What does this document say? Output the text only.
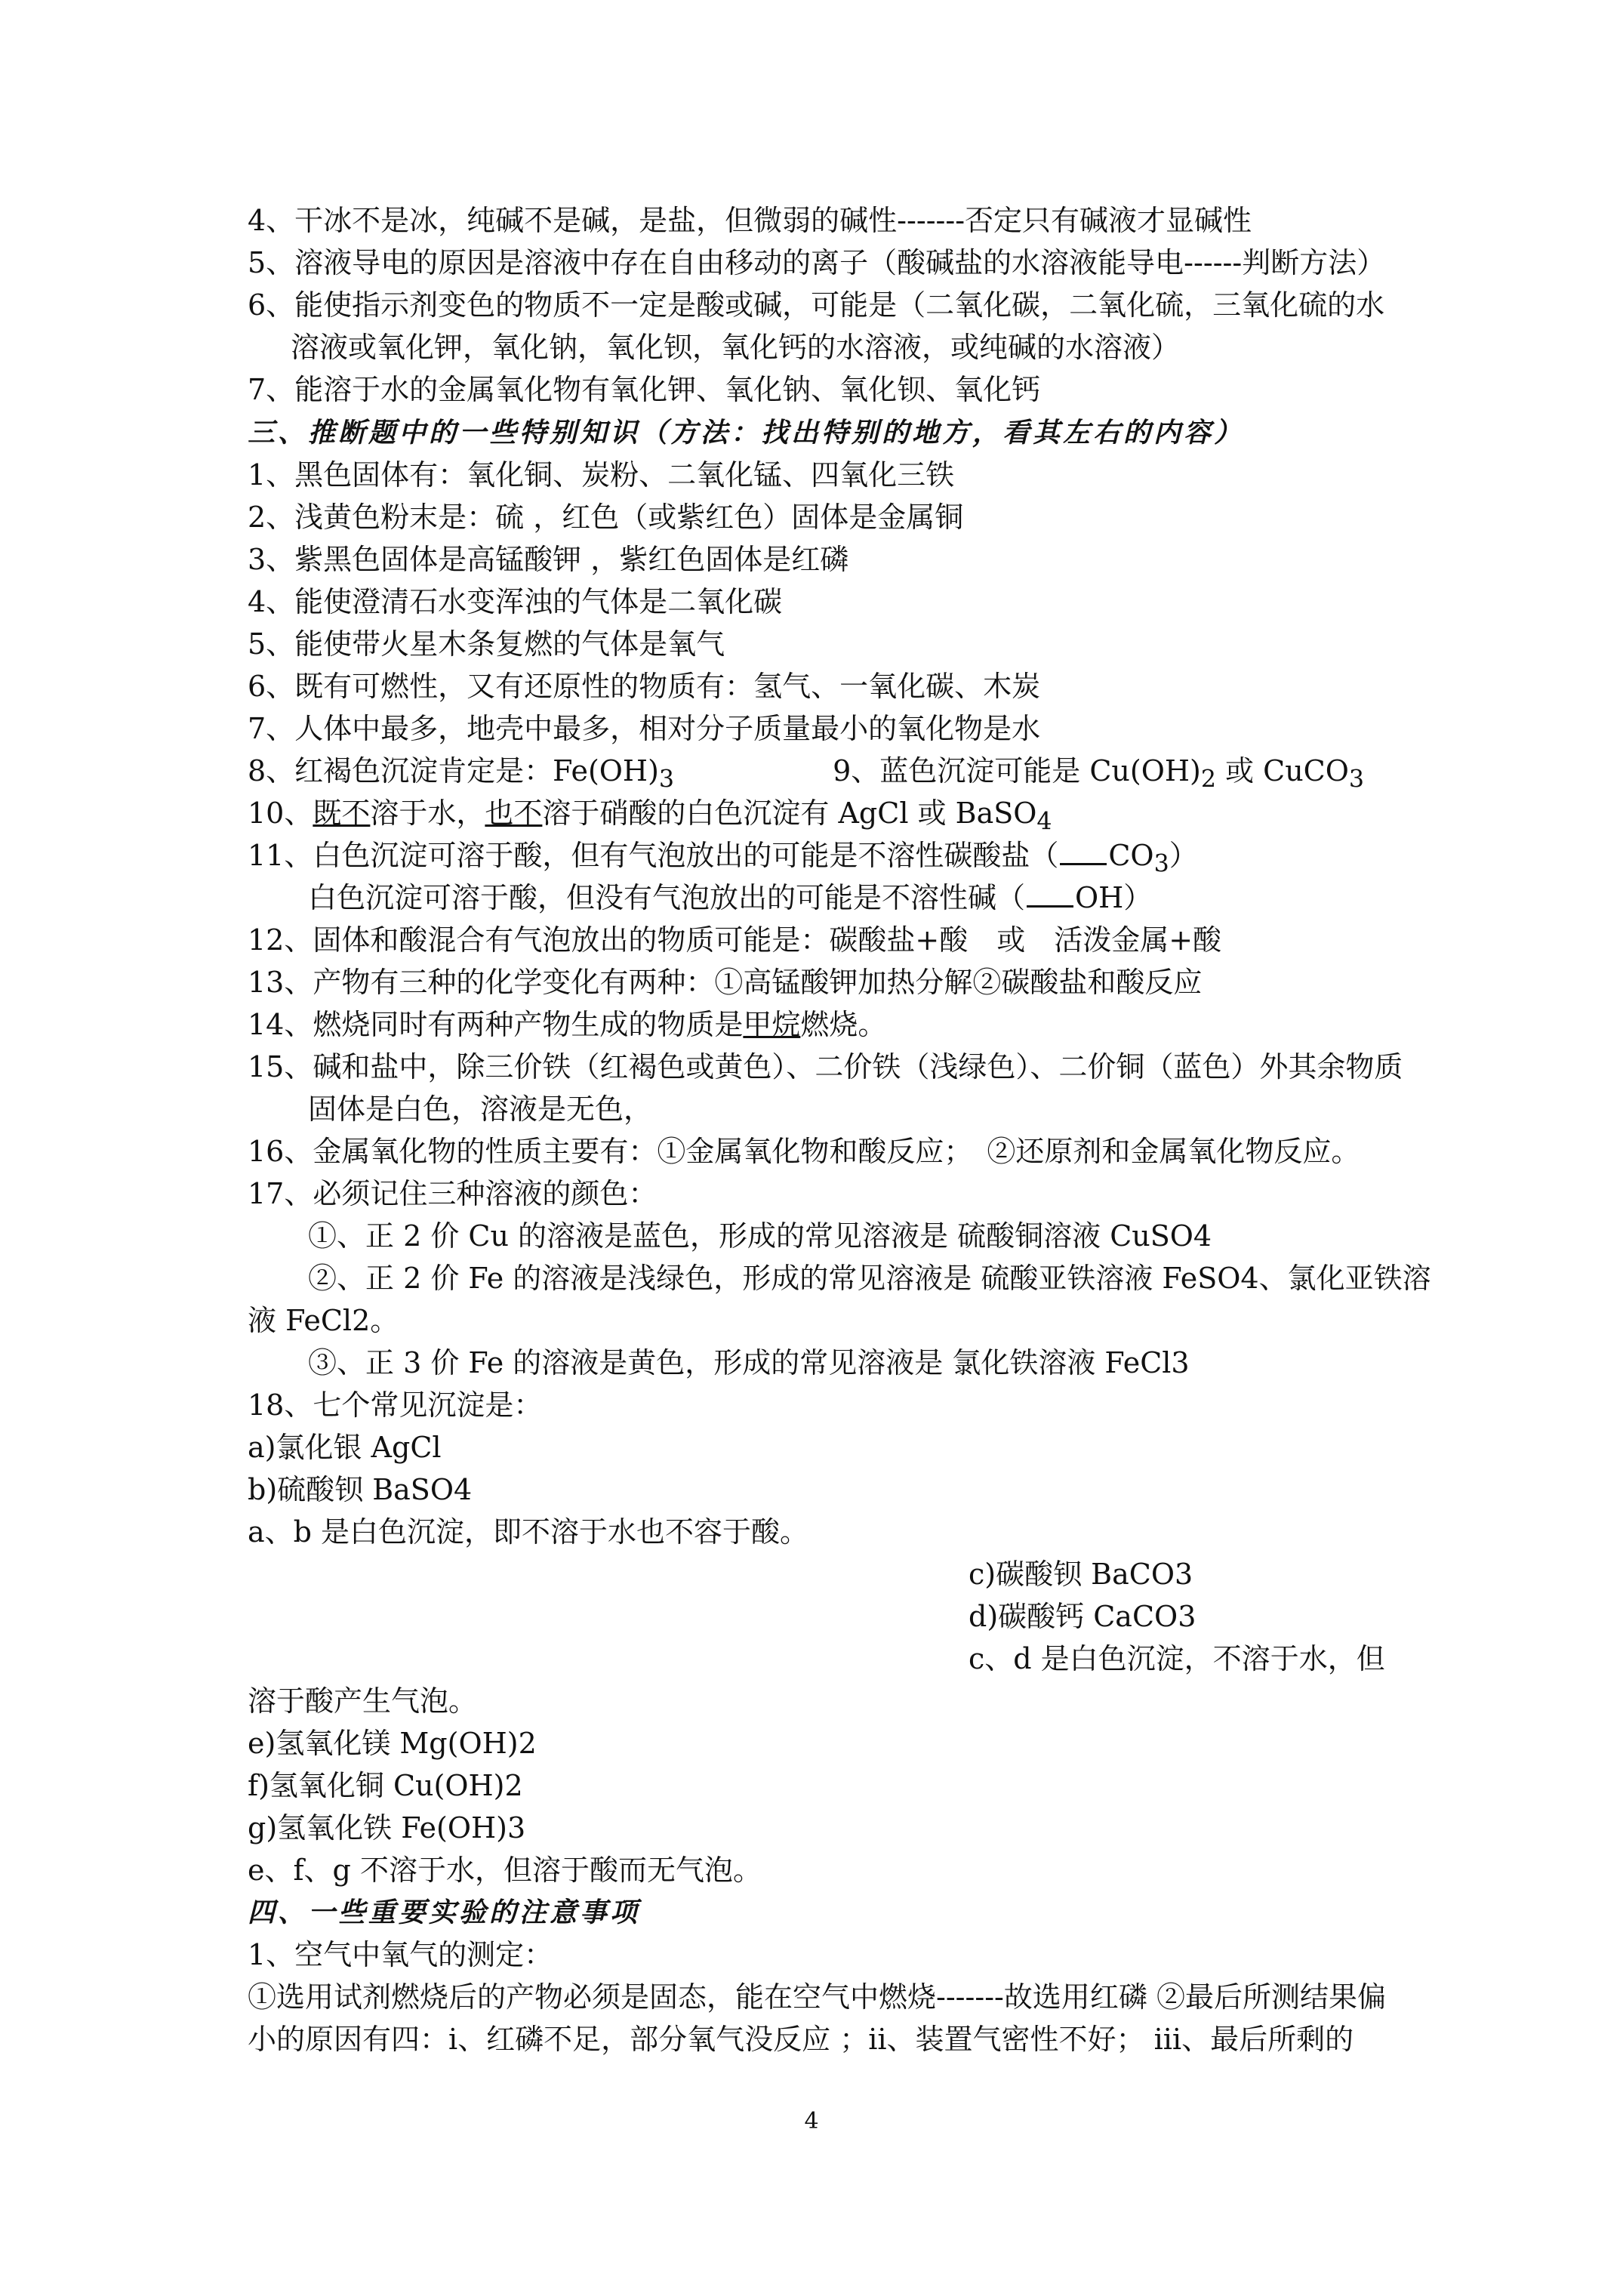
4、干冰不是冰，纯碱不是碱，是盐，但微弱的碱性-------否定只有碱液才显碱性
5、溶液导电的原因是溶液中存在自由移动的离子（酸碱盐的水溶液能导电------判断方法）
6、能使指示剂变色的物质不一定是酸或碱，可能是（二氧化碳，二氧化硫，三氧化硫的水
溶液或氧化钾，氧化钠，氧化钡，氧化钙的水溶液，或纯碱的水溶液）
7、能溶于水的金属氧化物有氧化钾、氧化钠、氧化钡、氧化钙
三、推断题中的一些特别知识（方法：找出特别的地方，看其左右的内容）
1、黑色固体有：氧化铜、炭粉、二氧化锰、四氧化三铁
2、浅黄色粉末是：硫 ，红色（或紫红色）固体是金属铜
3、紫黑色固体是高锰酸钾 ，紫红色固体是红磷
4、能使澄清石水变浑浊的气体是二氧化碳
5、能使带火星木条复燃的气体是氧气
6、既有可燃性，又有还原性的物质有：氢气、一氧化碳、木炭
7、人体中最多，地壳中最多，相对分子质量最小的氧化物是水
8、红褐色沉淀肯定是：$Fe(OH)_3$	9、蓝色沉淀可能是 $Cu(OH)_2$ 或 CuCO$_3$
10、既不溶于水，也不溶于硝酸的白色沉淀有 AgCl 或 BaSO$_4$
11、白色沉淀可溶于酸，但有气泡放出的可能是不溶性碳酸盐（ $CO_3$）
白色沉淀可溶于酸，但没有气泡放出的可能是不溶性碱（ OH）
12、固体和酸混合有气泡放出的物质可能是：碳酸盐+酸　或　活泼金属+酸
13、产物有三种的化学变化有两种：①高锰酸钾加热分解②碳酸盐和酸反应
14、燃烧同时有两种产物生成的物质是甲烷燃烧。
15、碱和盐中，除三价铁（红褐色或黄色）、二价铁（浅绿色）、二价铜（蓝色）外其余物质
固体是白色，溶液是无色，
16、金属氧化物的性质主要有：①金属氧化物和酸反应；　②还原剂和金属氧化物反应。
17、必须记住三种溶液的颜色：
①、正 2 价 Cu 的溶液是蓝色，形成的常见溶液是 硫酸铜溶液 CuSO4
②、正 2 价 Fe 的溶液是浅绿色，形成的常见溶液是 硫酸亚铁溶液 FeSO4、氯化亚铁溶
液 FeCl2。
③、正 3 价 Fe 的溶液是黄色，形成的常见溶液是 氯化铁溶液 FeCl3
18、七个常见沉淀是：
a)氯化银 AgCl
b)硫酸钡 BaSO4
a、b 是白色沉淀，即不溶于水也不容于酸。
c)碳酸钡 BaCO3
d)碳酸钙 CaCO3
c、d 是白色沉淀，不溶于水，但
溶于酸产生气泡。
e)氢氧化镁 Mg(OH)2
f)氢氧化铜 Cu(OH)2
g)氢氧化铁 Fe(OH)3
e、f、g 不溶于水，但溶于酸而无气泡。
四、一些重要实验的注意事项
1、空气中氧气的测定：
①选用试剂燃烧后的产物必须是固态，能在空气中燃烧-------故选用红磷 ②最后所测结果偏
小的原因有四：ⅰ、红磷不足，部分氧气没反应 ；ⅱ、装置气密性不好； ⅲ、最后所剩的
4
